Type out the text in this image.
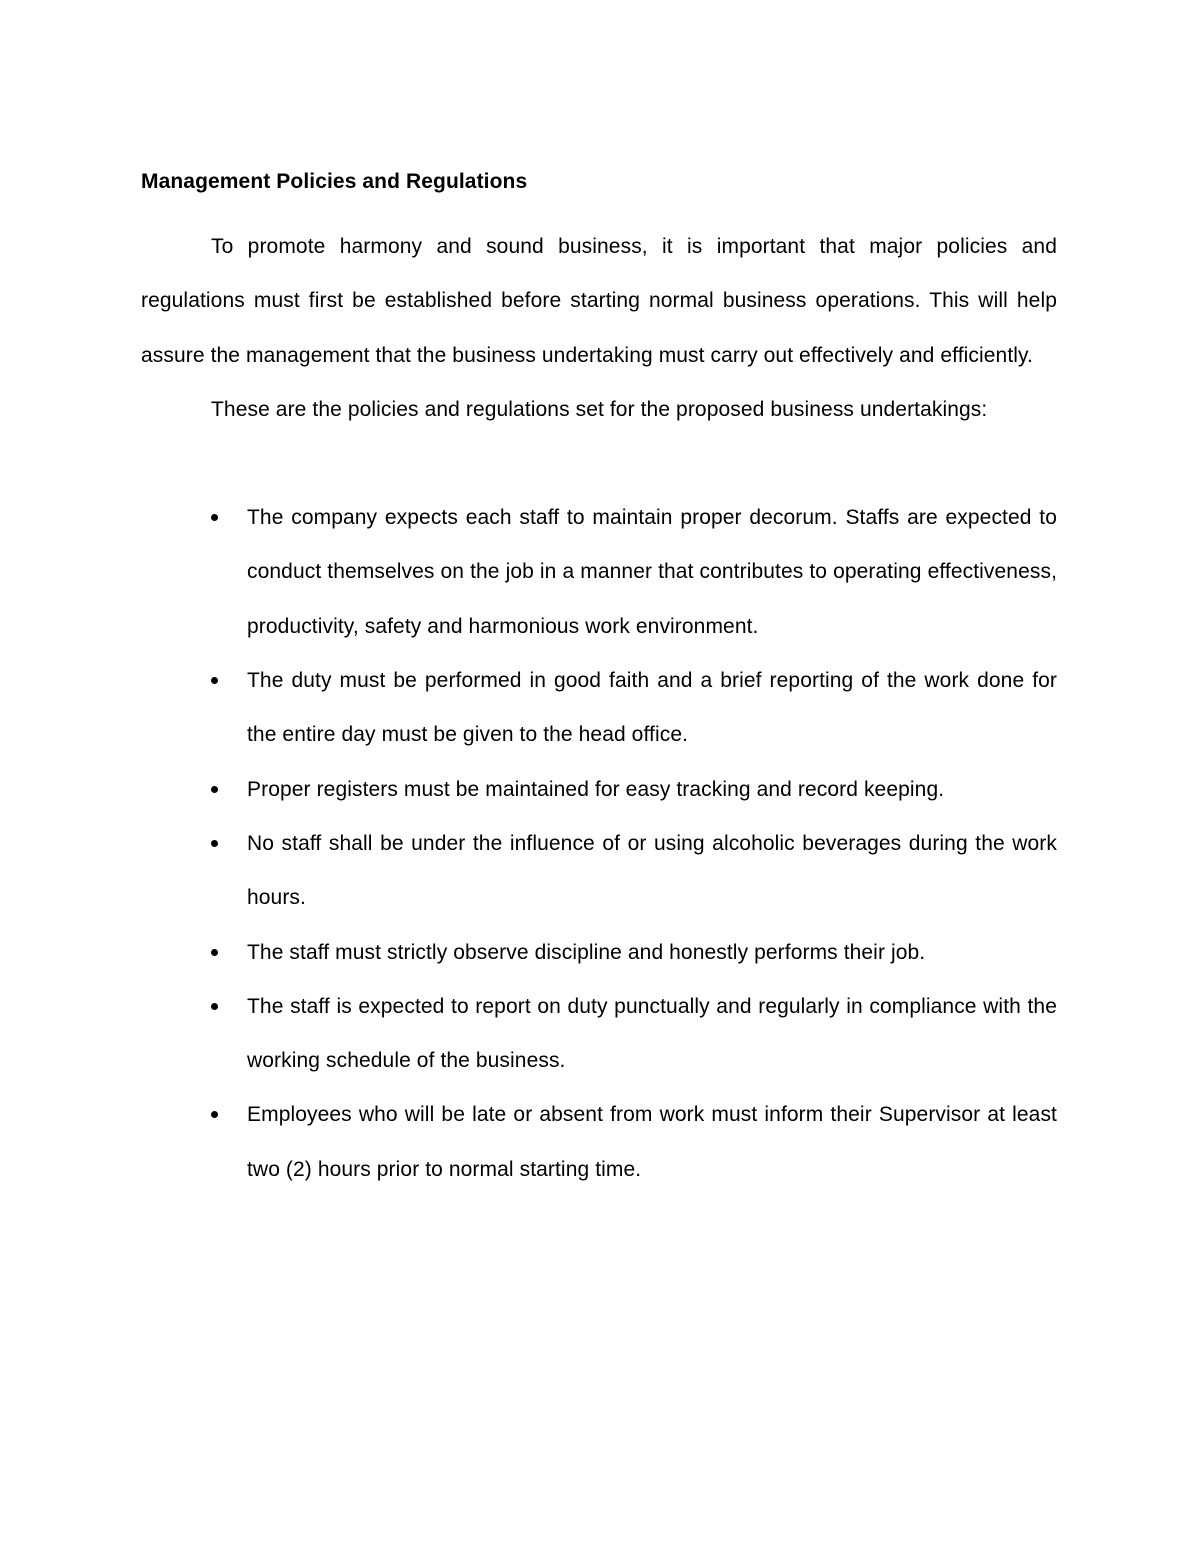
Management Policies and Regulations

To promote harmony and sound business, it is important that major policies and regulations must first be established before starting normal business operations. This will help assure the management that the business undertaking must carry out effectively and efficiently.

These are the policies and regulations set for the proposed business undertakings:

The company expects each staff to maintain proper decorum. Staffs are expected to conduct themselves on the job in a manner that contributes to operating effectiveness, productivity, safety and harmonious work environment.
The duty must be performed in good faith and a brief reporting of the work done for the entire day must be given to the head office.
Proper registers must be maintained for easy tracking and record keeping.
No staff shall be under the influence of or using alcoholic beverages during the work hours.
The staff must strictly observe discipline and honestly performs their job.
The staff is expected to report on duty punctually and regularly in compliance with the working schedule of the business.
Employees who will be late or absent from work must inform their Supervisor at least two (2) hours prior to normal starting time.
